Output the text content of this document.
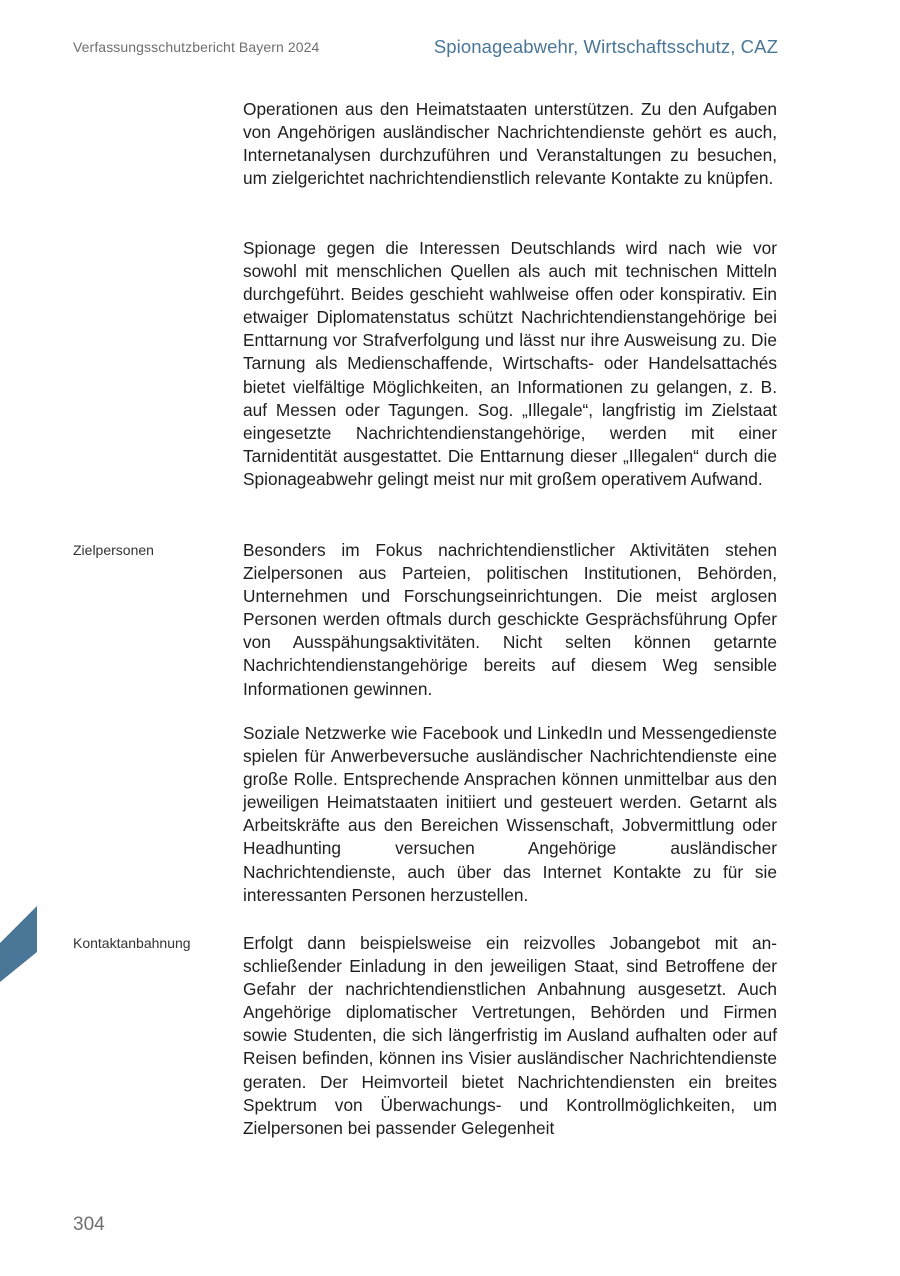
Verfassungsschutzbericht Bayern 2024	Spionageabwehr, Wirtschaftsschutz, CAZ

Operationen aus den Heimatstaaten unterstützen. Zu den Aufgaben von Angehörigen ausländischer Nachrichtendienste gehört es auch, Internetanalysen durchzuführen und Veranstaltungen zu besuchen, um zielgerichtet nachrichtendienstlich relevante Kontakte zu knüpfen.

Spionage gegen die Interessen Deutschlands wird nach wie vor sowohl mit menschlichen Quellen als auch mit technischen Mitteln durchgeführt. Beides geschieht wahlweise offen oder konspirativ. Ein etwaiger Diplomatenstatus schützt Nachrichtendienstangehörige bei Enttarnung vor Strafverfolgung und lässt nur ihre Ausweisung zu. Die Tarnung als Medienschaffende, Wirtschafts- oder Handelsattachés bietet vielfältige Möglichkeiten, an Informationen zu gelangen, z. B. auf Messen oder Tagungen. Sog. „Illegale“, langfristig im Zielstaat eingesetzte Nachrichtendienstangehörige, werden mit einer Tarnidentität ausgestattet. Die Enttarnung dieser „Illegalen“ durch die Spionageabwehr gelingt meist nur mit großem operativem Aufwand.

Besonders im Fokus nachrichtendienstlicher Aktivitäten stehen Zielpersonen aus Parteien, politischen Institutionen, Behörden, Unternehmen und Forschungseinrichtungen. Die meist arglosen Personen werden oftmals durch geschickte Gesprächsführung Opfer von Ausspähungsaktivitäten. Nicht selten können getarnte Nachrichtendienstangehörige bereits auf diesem Weg sensible Informationen gewinnen.

Soziale Netzwerke wie Facebook und LinkedIn und Messengedienste spielen für Anwerbeversuche ausländischer Nachrichtendienste eine große Rolle. Entsprechende Ansprachen können unmittelbar aus den jeweiligen Heimatstaaten initiiert und gesteuert werden. Getarnt als Arbeitskräfte aus den Bereichen Wissenschaft, Jobvermittlung oder Headhunting versuchen Angehörige ausländischer Nachrichtendienste, auch über das Internet Kontakte zu für sie interessanten Personen herzustellen.

Erfolgt dann beispielsweise ein reizvolles Jobangebot mit anschließender Einladung in den jeweiligen Staat, sind Betroffene der Gefahr der nachrichtendienstlichen Anbahnung ausgesetzt. Auch Angehörige diplomatischer Vertretungen, Behörden und Firmen sowie Studenten, die sich längerfristig im Ausland aufhalten oder auf Reisen befinden, können ins Visier ausländischer Nachrichtendienste geraten. Der Heimvorteil bietet Nachrichtendiensten ein breites Spektrum von Überwachungs- und Kontrollmöglichkeiten, um Zielpersonen bei passender Gelegenheit

Zielpersonen
Kontaktanbahnung
304
